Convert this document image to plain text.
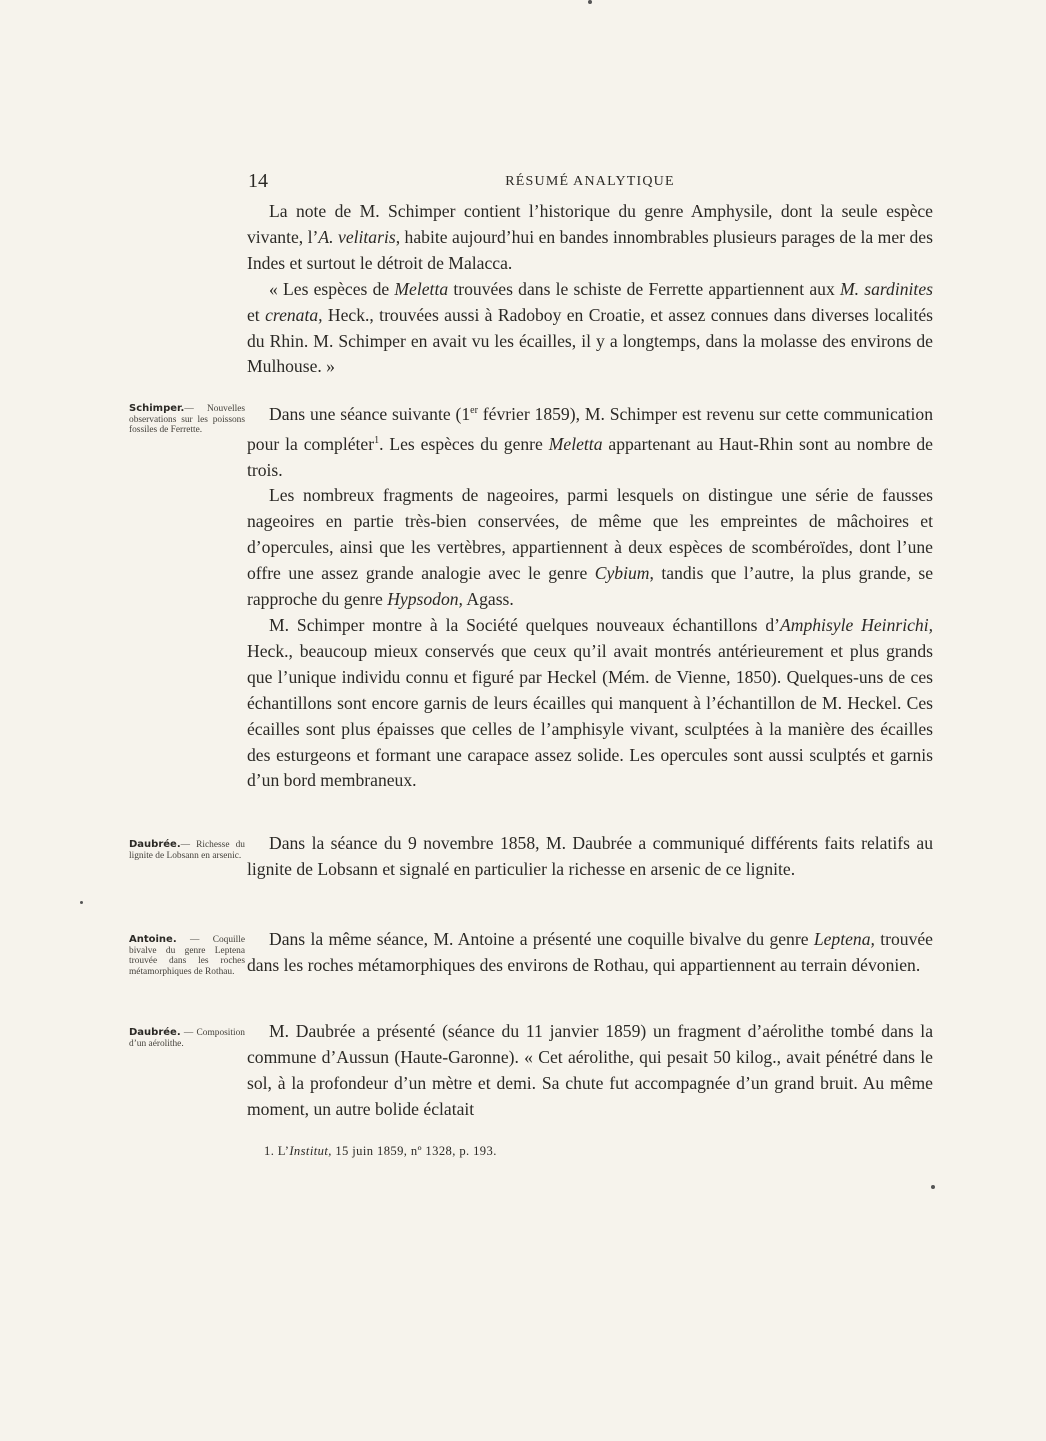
14	RÉSUMÉ ANALYTIQUE

La note de M. Schimper contient l’historique du genre Amphysile, dont la seule espèce vivante, l’A. velitaris, habite aujourd’hui en bandes innombrables plusieurs parages de la mer des Indes et surtout le détroit de Malacca.

« Les espèces de Meletta trouvées dans le schiste de Ferrette appartiennent aux M. sardinites et crenata, Heck., trouvées aussi à Radoboy en Croatie, et assez connues dans diverses localités du Rhin. M. Schimper en avait vu les écailles, il y a longtemps, dans la molasse des environs de Mulhouse. »

Schimper.— Nouvelles observations sur les poissons fossiles de Ferrette.

Dans une séance suivante (1er février 1859), M. Schimper est revenu sur cette communication pour la compléter$^1$. Les espèces du genre Meletta appartenant au Haut-Rhin sont au nombre de trois.

Les nombreux fragments de nageoires, parmi lesquels on distingue une série de fausses nageoires en partie très-bien conservées, de même que les empreintes de mâchoires et d’opercules, ainsi que les vertèbres, appartiennent à deux espèces de scombéroïdes, dont l’une offre une assez grande analogie avec le genre Cybium, tandis que l’autre, la plus grande, se rapproche du genre Hypsodon, Agass.

M. Schimper montre à la Société quelques nouveaux échantillons d’Amphisyle Heinrichi, Heck., beaucoup mieux conservés que ceux qu’il avait montrés antérieurement et plus grands que l’unique individu connu et figuré par Heckel (Mém. de Vienne, 1850). Quelques-uns de ces échantillons sont encore garnis de leurs écailles qui manquent à l’échantillon de M. Heckel. Ces écailles sont plus épaisses que celles de l’amphisyle vivant, sculptées à la manière des écailles des esturgeons et formant une carapace assez solide. Les opercules sont aussi sculptés et garnis d’un bord membraneux.

Daubrée.— Richesse du lignite de Lobsann en arsenic.

Dans la séance du 9 novembre 1858, M. Daubrée a communiqué différents faits relatifs au lignite de Lobsann et signalé en particulier la richesse en arsenic de ce lignite.

Antoine. — Coquille bivalve du genre Leptena trouvée dans les roches métamorphiques de Rothau.

Dans la même séance, M. Antoine a présenté une coquille bivalve du genre Leptena, trouvée dans les roches métamorphiques des environs de Rothau, qui appartiennent au terrain dévonien.

Daubrée. — Composition d’un aérolithe.

M. Daubrée a présenté (séance du 11 janvier 1859) un fragment d’aérolithe tombé dans la commune d’Aussun (Haute-Garonne). « Cet aérolithe, qui pesait 50 kilog., avait pénétré dans le sol, à la profondeur d’un mètre et demi. Sa chute fut accompagnée d’un grand bruit. Au même moment, un autre bolide éclatait

1. L’Institut, 15 juin 1859, nº 1328, p. 193.
